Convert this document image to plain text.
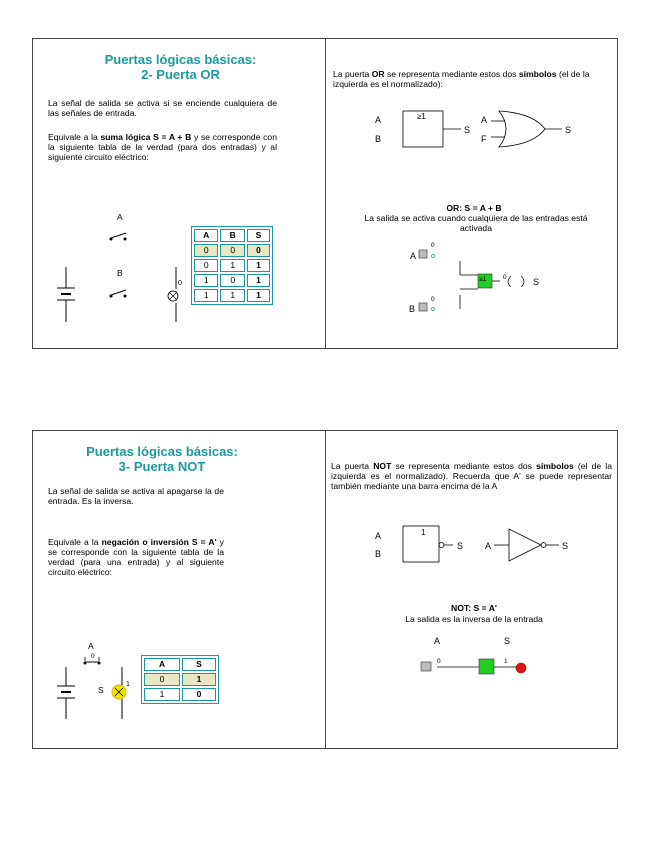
Puertas lógicas básicas:
2- Puerta OR
La señal de salida se activa si se enciende cualquiera de las señales de entrada.
Equivale a la suma lógica S = A + B y se corresponde con la siguiente tabla de la verdad (para dos entradas) y al siguiente circuito eléctrico:
A
B
0
A	B	S
0	0	0
0	1	1
1	0	1
1	1	1
La puerta OR se representa mediante estos dos símbolos (el de la izquierda es el normalizado):
A
B
≥1
S
A
F
S
OR: S = A + B
La salida se activa cuando cualquiera de las entradas está activada
A
0
B
0
0	S
≥1
Puertas lógicas básicas:
3- Puerta NOT
La señal de salida se activa al apagarse la de entrada. Es la inversa.
Equivale a la negación o inversión S = A' y se corresponde con la siguiente tabla de la verdad (para una entrada) y al siguiente circuito eléctrico:
A
0
S
1
A	S
0	1
1	0
La puerta NOT se representa mediante estos dos símbolos (el de la izquierda es el normalizado). Recuerda que A' se puede representar también mediante una barra encima de la A
A
B
1
S A	S
NOT: S = A'
La salida es la inversa de la entrada
A	S
0	1
